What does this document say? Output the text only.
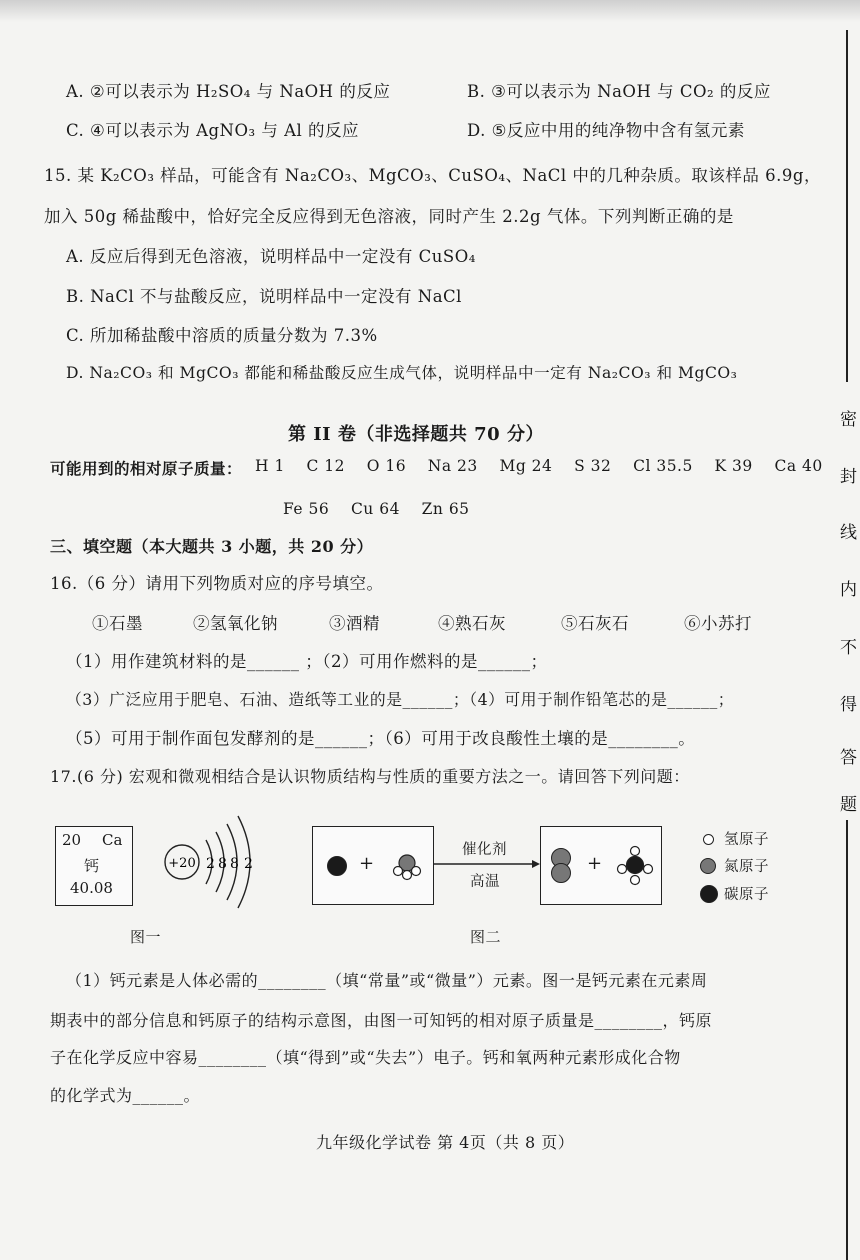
A. ②可以表示为 H₂SO₄ 与 NaOH 的反应	B. ③可以表示为 NaOH 与 CO₂ 的反应
C. ④可以表示为 AgNO₃ 与 Al 的反应	D. ⑤反应中用的纯净物中含有氢元素
15. 某 K₂CO₃ 样品，可能含有 Na₂CO₃、MgCO₃、CuSO₄、NaCl 中的几种杂质。取该样品 6.9g，
加入 50g 稀盐酸中，恰好完全反应得到无色溶液，同时产生 2.2g 气体。下列判断正确的是
A. 反应后得到无色溶液，说明样品中一定没有 CuSO₄
B. NaCl 不与盐酸反应，说明样品中一定没有 NaCl
C. 所加稀盐酸中溶质的质量分数为 7.3%
D. Na₂CO₃ 和 MgCO₃ 都能和稀盐酸反应生成气体，说明样品中一定有 Na₂CO₃ 和 MgCO₃
第 II 卷（非选择题共 70 分）
可能用到的相对原子质量： H 1    C 12    O 16    Na 23    Mg 24    S 32    Cl 35.5    K 39    Ca 40
Fe 56    Cu 64    Zn 65
三、填空题（本大题共 3 小题，共 20 分）
16.（6 分）请用下列物质对应的序号填空。
①石墨	②氢氧化钠	③酒精	④熟石灰	⑤石灰石	⑥小苏打
（1）用作建筑材料的是______ ；（2）可用作燃料的是______；
（3）广泛应用于肥皂、石油、造纸等工业的是______；（4）可用于制作铅笔芯的是______；
（5）可用于制作面包发酵剂的是______；（6）可用于改良酸性土壤的是________。
17.(6 分) 宏观和微观相结合是认识物质结构与性质的重要方法之一。请回答下列问题：
20 Ca
钙
40.08
+20 2 8 8 2
图一
+
催化剂
高温
+
氢原子
氮原子
碳原子
图二
（1）钙元素是人体必需的________（填“常量”或“微量”）元素。图一是钙元素在元素周
期表中的部分信息和钙原子的结构示意图，由图一可知钙的相对原子质量是________，钙原
子在化学反应中容易________（填“得到”或“失去”）电子。钙和氧两种元素形成化合物
的化学式为______。
九年级化学试卷 第 4页（共 8 页）
密
封
线
内
不
得
答
题
